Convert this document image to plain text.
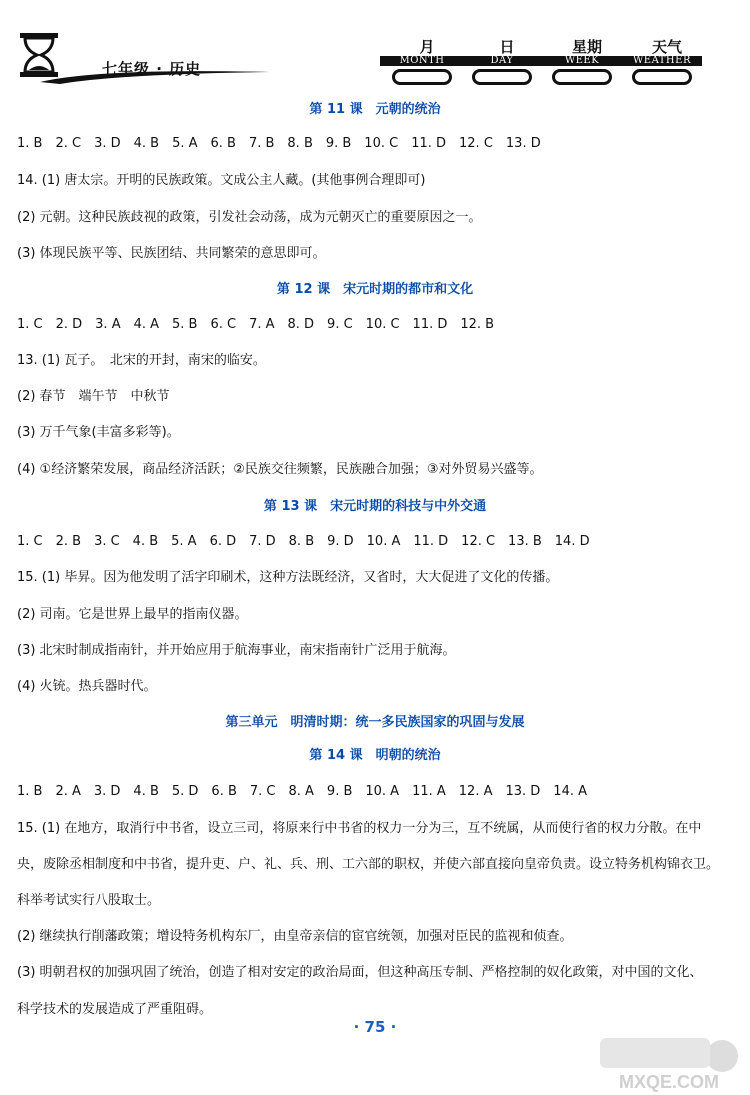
七年级 · 历史
月	日	星期	天气
MONTH	DAY	WEEK	WEATHER
第 11 课　元朝的统治
1. B　2. C　3. D　4. B　5. A　6. B　7. B　8. B　9. B　10. C　11. D　12. C　13. D
14. (1) 唐太宗。开明的民族政策。文成公主人藏。(其他事例合理即可)
(2) 元朝。这种民族歧视的政策，引发社会动荡，成为元朝灭亡的重要原因之一。
(3) 体现民族平等、民族团结、共同繁荣的意思即可。
第 12 课　宋元时期的都市和文化
1. C　2. D　3. A　4. A　5. B　6. C　7. A　8. D　9. C　10. C　11. D　12. B
13. (1) 瓦子。　北宋的开封，南宋的临安。
(2) 春节　端午节　中秋节
(3) 万千气象(丰富多彩等)。
(4) ①经济繁荣发展，商品经济活跃；②民族交往频繁，民族融合加强；③对外贸易兴盛等。
第 13 课　宋元时期的科技与中外交通
1. C　2. B　3. C　4. B　5. A　6. D　7. D　8. B　9. D　10. A　11. D　12. C　13. B　14. D
15. (1) 毕昇。因为他发明了活字印刷术，这种方法既经济，又省时，大大促进了文化的传播。
(2) 司南。它是世界上最早的指南仪器。
(3) 北宋时制成指南针，并开始应用于航海事业，南宋指南针广泛用于航海。
(4) 火铳。热兵器时代。
第三单元　明清时期：统一多民族国家的巩固与发展
第 14 课　明朝的统治
1. B　2. A　3. D　4. B　5. D　6. B　7. C　8. A　9. B　10. A　11. A　12. A　13. D　14. A
15. (1) 在地方，取消行中书省，设立三司，将原来行中书省的权力一分为三，互不统属，从而使行省的权力分散。在中
央，废除丞相制度和中书省，提升吏、户、礼、兵、刑、工六部的职权，并使六部直接向皇帝负责。设立特务机构锦衣卫。
科举考试实行八股取士。
(2) 继续执行削藩政策；增设特务机构东厂，由皇帝亲信的宦官统领，加强对臣民的监视和侦查。
(3) 明朝君权的加强巩固了统治，创造了相对安定的政治局面，但这种高压专制、严格控制的奴化政策，对中国的文化、
科学技术的发展造成了严重阻碍。
· 75 ·
MXQE.COM
